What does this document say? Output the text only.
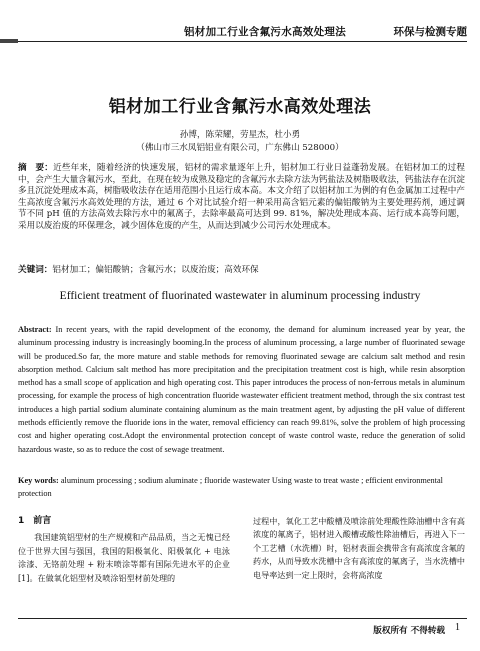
铝材加工行业含氟污水高效处理法	环保与检测专题
铝材加工行业含氟污水高效处理法
孙博，陈荣耀，劳星杰，杜小勇
（佛山市三水凤铝铝业有限公司，广东佛山 528000）
摘　要：近些年来，随着经济的快速发展，铝材的需求量逐年上升，铝材加工行业日益蓬勃发展。在铝材加工的过程中，会产生大量含氟污水，至此，在现在较为成熟及稳定的含氟污水去除方法为钙盐法及树脂吸收法，钙盐法存在沉淀多且沉淀处理成本高，树脂吸收法存在适用范围小且运行成本高。本文介绍了以铝材加工为例的有色金属加工过程中产生高浓度含氟污水高效处理的方法，通过 6 个对比试验介绍一种采用高含铝元素的偏铝酸钠为主要处理药剂，通过调节不同 pH 值的方法高效去除污水中的氟离子，去除率最高可达到 99. 81%，解决处理成本高、运行成本高等问题，采用以废治废的环保理念，减少固体危废的产生，从而达到减少公司污水处理成本。
关键词：铝材加工；偏铝酸钠；含氟污水；以废治废；高效环保
Efficient treatment of fluorinated wastewater in aluminum processing industry
Abstract: In recent years, with the rapid development of the economy, the demand for aluminum increased year by year, the aluminum processing industry is increasingly booming.In the process of aluminum processing, a large number of fluorinated sewage will be produced.So far, the more mature and stable methods for removing fluorinated sewage are calcium salt method and resin absorption method. Calcium salt method has more precipitation and the precipitation treatment cost is high, while resin absorption method has a small scope of application and high operating cost. This paper introduces the process of non-ferrous metals in aluminum processing, for example the process of high concentration fluoride wastewater efficient treatment method, through the six contrast test introduces a high partial sodium aluminate containing aluminum as the main treatment agent, by adjusting the pH value of different methods efficiently remove the fluoride ions in the water, removal efficiency can reach 99.81%, solve the problem of high processing cost and higher operating cost.Adopt the environmental protection concept of waste control waste, reduce the generation of solid hazardous waste, so as to reduce the cost of sewage treatment.
Key words: aluminum processing ; sodium aluminate ; fluoride wastewater Using waste to treat waste ; efficient environmental protection
1　前言

我国建筑铝型材的生产规模和产品品质，当之无愧已经位于世界大国与强国，我国的阳极氧化、阳极氧化 + 电泳涂漆、无铬前处理 + 粉末喷涂等都有国际先进水平的企业 [1]。在做氧化铝型材及喷涂铝型材前处理的

过程中，氧化工艺中酸槽及喷涂前处理酸性除油槽中含有高浓度的氟离子，铝材进入酸槽或酸性除油槽后，再进入下一个工艺槽（水洗槽）时，铝材表面会携带含有高浓度含氟的药水，从而导致水洗槽中含有高浓度的氟离子，当水洗槽中电导率达到一定上限时，会将高浓度

版权所有 不得转载 1
